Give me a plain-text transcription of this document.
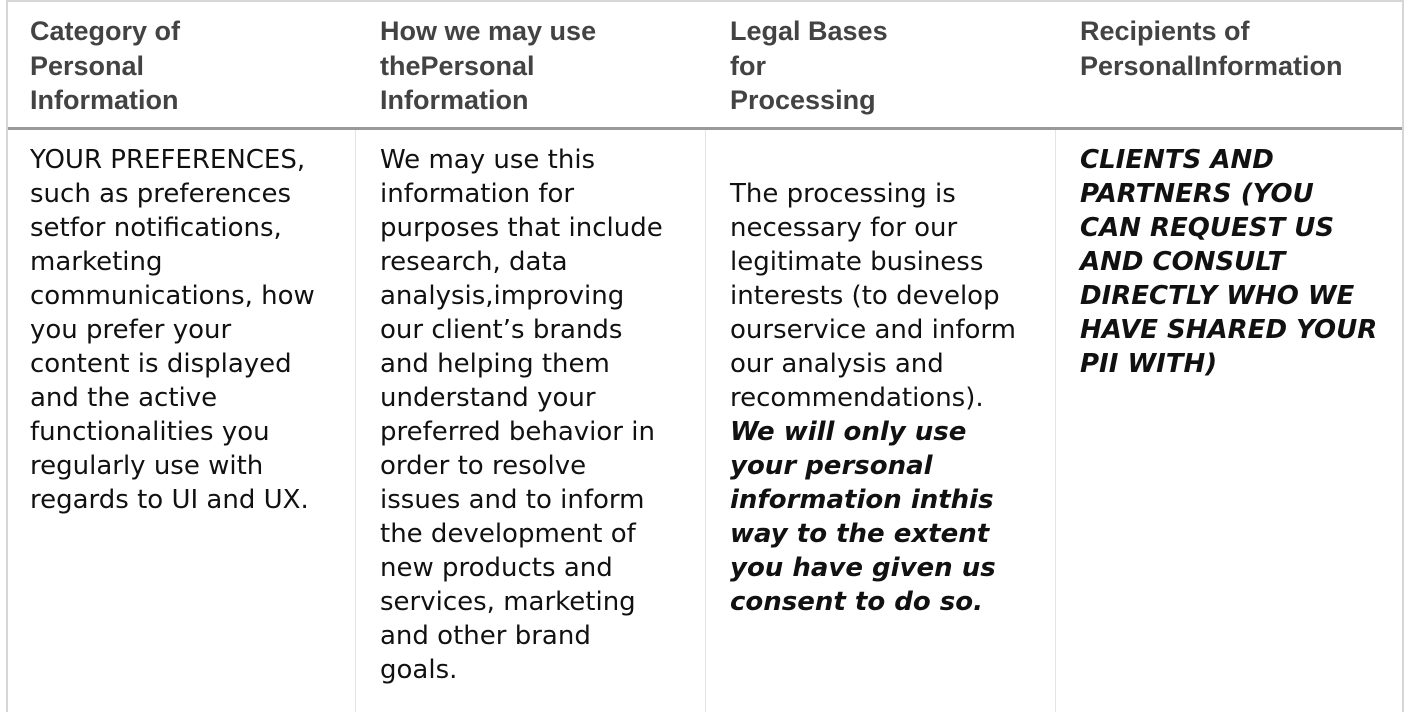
Category of
Personal
Information
How we may use
thePersonal
Information
Legal Bases
for
Processing
Recipients of
PersonalInformation
YOUR PREFERENCES,
such as preferences
setfor notifications,
marketing
communications, how
you prefer your
content is displayed
and the active
functionalities you
regularly use with
regards to UI and UX.
We may use this
information for
purposes that include
research, data
analysis,improving
our client’s brands
and helping them
understand your
preferred behavior in
order to resolve
issues and to inform
the development of
new products and
services, marketing
and other brand
goals.

The processing is
necessary for our
legitimate business
interests (to develop
ourservice and inform
our analysis and
recommendations).

We will only use
your personal
information inthis
way to the extent
you have given us
consent to do so.

CLIENTS AND
PARTNERS (YOU
CAN REQUEST US
AND CONSULT
DIRECTLY WHO WE
HAVE SHARED YOUR
PII WITH)
